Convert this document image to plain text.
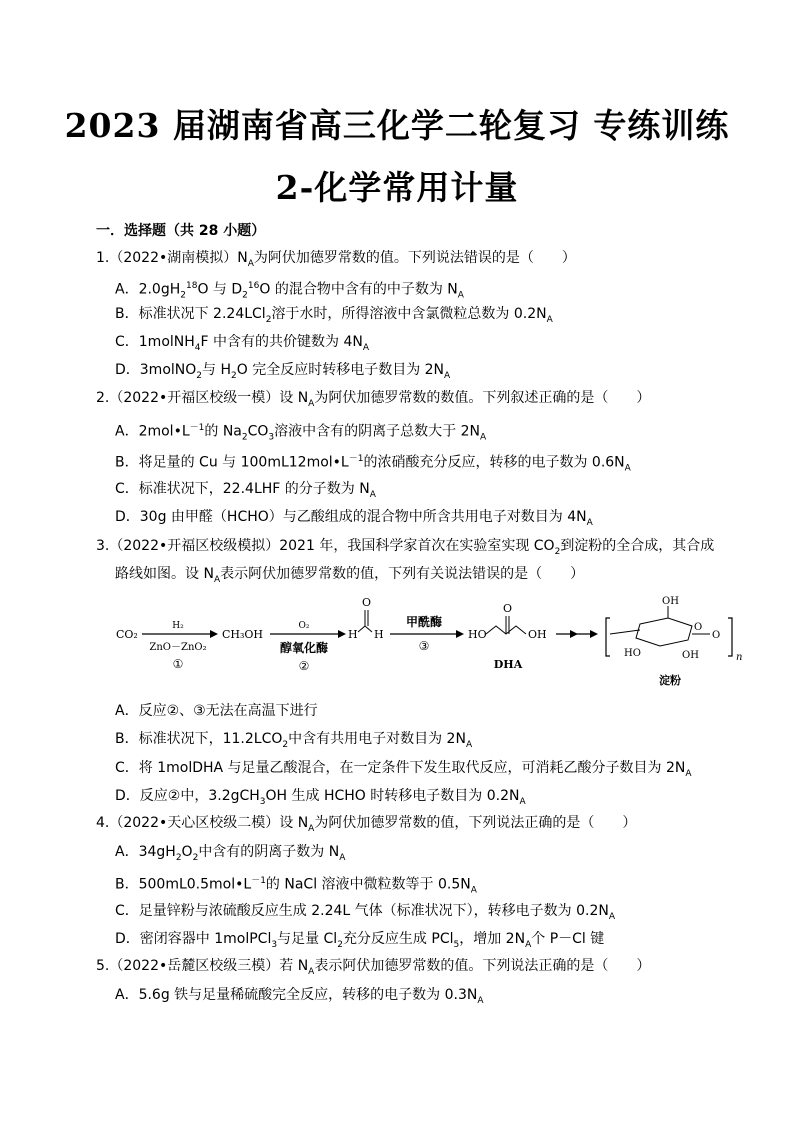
2023 届湖南省高三化学二轮复习 专练训练
2-化学常用计量
一．选择题（共 28 小题）
1.（2022•湖南模拟）$N_A$为阿伏加德罗常数的值。下列说法错误的是（　　）
A．$2.0gH_2^{18}O$ 与 $D_2^{16}O$ 的混合物中含有的中子数为 $N_A$
B．标准状况下 2.24LCl$_2$溶于水时，所得溶液中含氯微粒总数为 $0.2N_A$
C．1molNH$_4$F 中含有的共价键数为 $4N_A$
D．3molNO$_2$与 $H_2O$ 完全反应时转移电子数目为 $2N_A$
2.（2022•开福区校级一模）设 $N_A$为阿伏加德罗常数的数值。下列叙述正确的是（　　）
A．$2mol•L^{-1}$的 $Na_2CO_3$溶液中含有的阴离子总数大于 $2N_A$
B．将足量的 Cu 与 $100mL12mol•L^{-1}$的浓硝酸充分反应，转移的电子数为 $0.6N_A$
C．标准状况下，22.4LHF 的分子数为 $N_A$
D．30g 由甲醛（HCHO）与乙酸组成的混合物中所含共用电子对数目为 $4N_A$
3.（2022•开福区校级模拟）2021 年，我国科学家首次在实验室实现 $CO_2$到淀粉的全合成，其合成
路线如图。设 $N_A$表示阿伏加德罗常数的值，下列有关说法错误的是（　　）
CO₂
H₂
ZnO－ZnO₂
①
CH₃OH
O₂
醇氧化酶
②
H
O
H
甲酰酶
③
HO
O
OH
DHA
OH
HO	OH
O
O
n
淀粉
A．反应②、③无法在高温下进行
B．标准状况下，$11.2LCO_2$中含有共用电子对数目为 $2N_A$
C．将 1molDHA 与足量乙酸混合，在一定条件下发生取代反应，可消耗乙酸分子数目为 $2N_A$
D．反应②中，3.2gCH$_3$OH 生成 HCHO 时转移电子数目为 $0.2N_A$
4.（2022•天心区校级二模）设 $N_A$为阿伏加德罗常数的值，下列说法正确的是（　　）
A．$34gH_2O_2$中含有的阴离子数为 $N_A$
B．$500mL0.5mol•L^{-1}$的 NaCl 溶液中微粒数等于 $0.5N_A$
C．足量锌粉与浓硫酸反应生成 2.24L 气体（标准状况下），转移电子数为 $0.2N_A$
D．密闭容器中 1molPCl$_3$与足量 $Cl_2$充分反应生成 PCl$_5$，增加 $2N_A$个 P－Cl 键
5.（2022•岳麓区校级三模）若 $N_A$表示阿伏加德罗常数的值。下列说法正确的是（　　）
A．5.6g 铁与足量稀硫酸完全反应，转移的电子数为 $0.3N_A$
